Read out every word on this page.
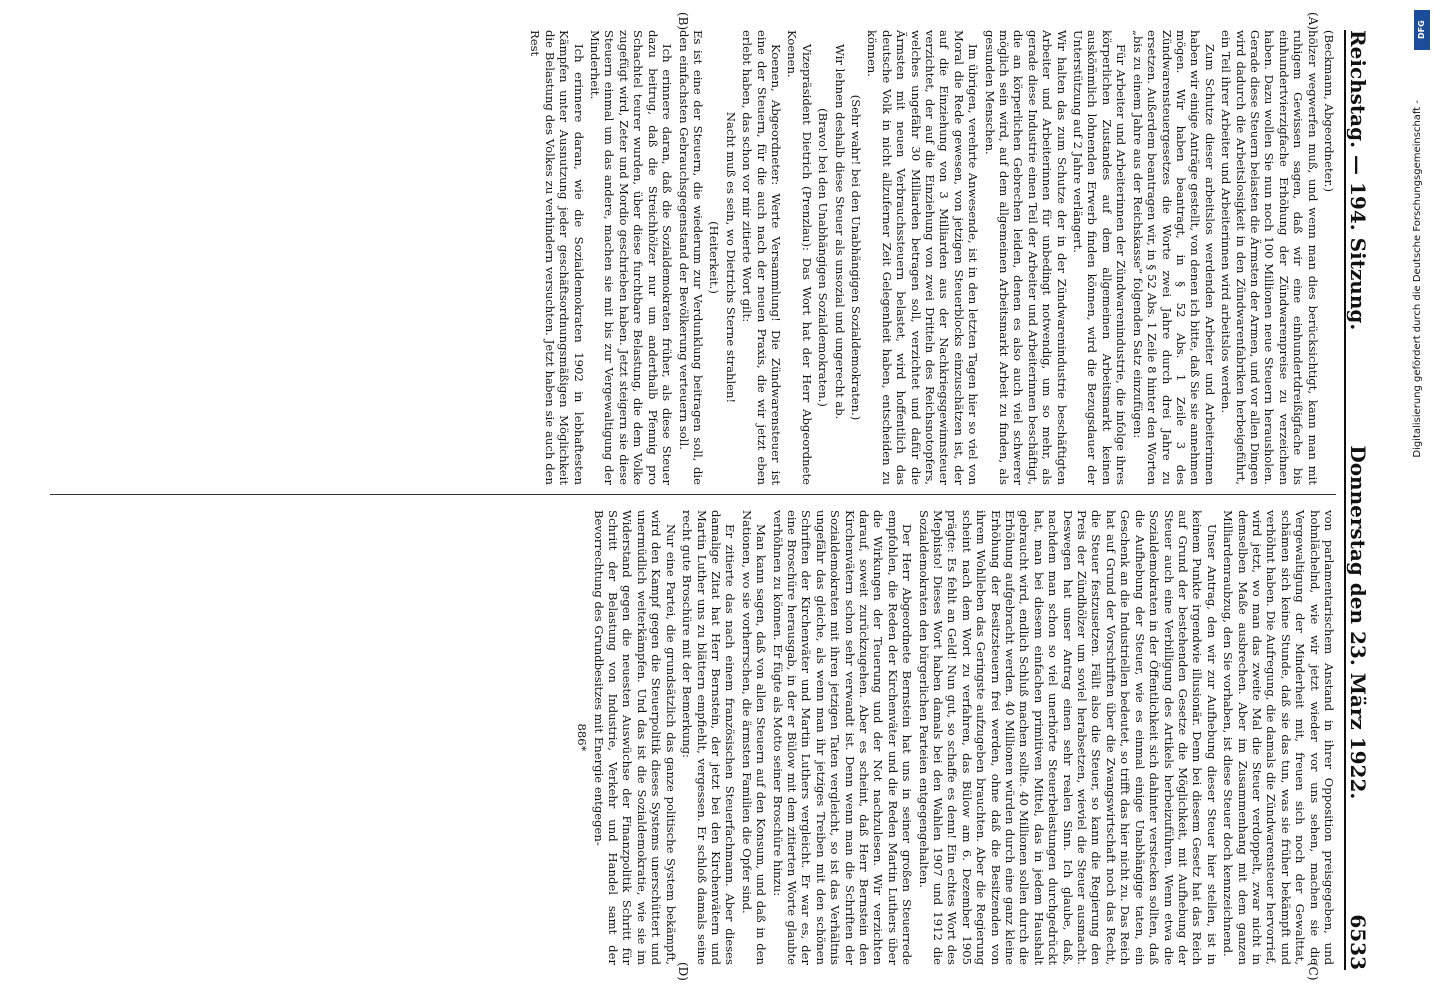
Reichstag. — 194. Sitzung.
Donnerstag den 23. März 1922.
6533

(Beckmann, Abgeordneter.)

hölzer wegwerfen muß, und wenn man dies berücksichtigt, kann man mit ruhigem Gewissen sagen, daß wir eine einhundertdreißigfache bis einhundertvierzigfache Erhöhung der Zündwarenpreise zu verzeichnen haben. Dazu wollen Sie nun noch 100 Millionen neue Steuern herausholen. Gerade diese Steuern belasten die Ärmsten der Armen, und vor allen Dingen wird dadurch die Arbeitslosigkeit in den Zündwarenfabriken herbeigeführt, ein Teil ihrer Arbeiter und Arbeiterinnen wird arbeitslos werden.

Zum Schutze dieser arbeitslos werdenden Arbeiter und Arbeiterinnen haben wir einige Anträge gestellt, von denen ich bitte, daß Sie sie annehmen mögen. Wir haben beantragt, in § 52 Abs. 1 Zeile 3 des Zündwarensteuergesetzes die Worte zwei Jahre durch drei Jahre zu ersetzen. Außerdem beantragen wir, in § 52 Abs. 1 Zeile 8 hinter den Worten „bis zu einem Jahre aus der Reichskasse“ folgenden Satz einzufügen:

Für Arbeiter und Arbeiterinnen der Zündwarenindustrie, die infolge ihres körperlichen Zustandes auf dem allgemeinen Arbeitsmarkt keinen ausköm̈mlich lohnenden Erwerb finden können, wird die Bezugsdauer der Unterstützung auf 2 Jahre verlängert.

Wir halten das zum Schutze der in der Zündwarenindustrie beschäftigten Arbeiter und Arbeiterinnen für unbedingt notwendig, um so mehr, als gerade diese Industrie einen Teil der Arbeiter und Arbeiterinnen beschäftigt, die an körperlichen Gebrechen leiden, denen es also auch viel schwerer möglich sein wird, auf dem allgemeinen Arbeitsmarkt Arbeit zu finden, als gesunden Menschen.

Im übrigen, verehrte Anwesende, ist in den letzten Tagen hier so viel von Moral die Rede gewesen, von jetzigen Steuerblocks einzuschätzen ist, der auf die Einziehung von 3 Milliarden aus der Nachkriegsgewinnsteuer verzichtet, der auf die Einziehung von zwei Dritteln des Reichsnotopfers, welches ungefähr 30 Milliarden betragen soll, verzichtet und dafür die Ärmsten mit neuen Verbrauchssteuern belastet, wird hoffentlich das deutsche Volk in nicht allzuferner Zeit Gelegenheit haben, entscheiden zu können.

(Sehr wahr! bei den Unabhängigen Sozialdemokraten.)

Wir lehnen deshalb diese Steuer als unsozial und ungerecht ab.

(Bravo! bei den Unabhängigen Sozialdemokraten.)

Vizepräsident Dietrich (Prenzlau): Das Wort hat der Herr Abgeordnete Koenen.

Koenen, Abgeordneter: Werte Versammlung! Die Zündwarensteuer ist eine der Steuern, für die auch nach der neuen Praxis, die wir jetzt eben erlebt haben, das schon vor mir zitierte Wort gilt:

Nacht muß es sein, wo Dietrichs Sterne strahlen!

(Heiterkeit.)

Es ist eine der Steuern, die wiederum zur Verdunklung beitragen soll, die den einfachsten Gebrauchsgegenstand der Bevölkerung verteuern soll.

Ich erinnere daran, daß die Sozialdemokraten früher, als diese Steuer dazu beitrug, daß die Streichhölzer nur um anderthalb Pfennig pro Schachtel teurer wurden, über diese furchtbare Belastung, die dem Volke zugefügt wird, Zeter und Mordio geschrieben haben. Jetzt steigern sie diese Steuern einmal um das andere, machen sie mit bis zur Vergewaltigung der Minderheit.

Ich erinnere daran, wie die Sozialdemokraten 1902 in lebhaftesten Kämpfen unter Ausnutzung jeder geschäftsordnungsmäßigen Möglichkeit die Belastung des Volkes zu verhindern versuchten. Jetzt haben sie auch den Rest

von parlamentarischem Anstand in ihrer Opposition preisgegeben, und hohnlächelnd, wie wir jetzt wieder vor uns sehen, machen sie die Vergewaltigung der Minderheit mit, freuen sich noch der Gewalttat, schämen sich keine Stunde, daß sie das tun, was sie früher bekämpft und verhöhnt haben. Die Aufregung, die damals die Zündwarensteuer hervorrief, wird jetzt, wo man das zweite Mal die Steuer verdoppelt, zwar nicht in demselben Maße ausbrechen. Aber im Zusammenhang mit dem ganzen Milliardenraubzug, den Sie vorhaben, ist diese Steuer doch kennzeichnend.

Unser Antrag, den wir zur Aufhebung dieser Steuer hier stellen, ist in keinem Punkte irgendwie illusionär. Denn bei diesem Gesetz hat das Reich auf Grund der bestehenden Gesetze die Möglichkeit, mit Aufhebung der Steuer auch eine Verbilligung des Artikels herbeizuführen. Wenn etwa die Sozialdemokraten in der Öffentlichkeit sich dahinter verstecken sollten, daß die Aufhebung der Steuer, wie es einmal einige Unabhängige taten, ein Geschenk an die Industriellen bedeutet, so trifft das hier nicht zu. Das Reich hat auf Grund der Vorschriften über die Zwangswirtschaft noch das Recht, die Steuer festzusetzen. Fällt also die Steuer, so kann die Regierung den Preis der Zündhölzer um soviel herabsetzen, wieviel die Steuer ausmacht. Deswegen hat unser Antrag einen sehr realen Sinn. Ich glaube, daß, nachdem man schon so viel unerhörte Steuerbelastungen durchgedrückt hat, man bei diesem einfachen primitiven Mittel, das in jedem Haushalt gebraucht wird, endlich Schluß machen sollte. 40 Millionen sollen durch die Erhöhung aufgebracht werden. 40 Millionen würden durch eine ganz kleine Erhöhung der Besitzsteuern frei werden, ohne daß die Besitzenden von ihrem Wohlleben das Geringste aufzugeben brauchten. Aber die Regierung scheint nach dem Wort zu verfahren, das Bülow am 6. Dezember 1905 prägte: Es fehlt an Geld! Nun gut, so schaffe es denn! Ein echtes Wort des Mephisto! Dieses Wort haben damals bei den Wahlen 1907 und 1912 die Sozialdemokraten den bürgerlichen Parteien entgegengehalten.

Der Herr Abgeordnete Bernstein hat uns in seiner großen Steuerrede empfohlen, die Reden der Kirchenväter und die Reden Martin Luthers über die Wirkungen der Teuerung und der Not nachzulesen. Wir verzichten darauf, soweit zurückzugehen. Aber es scheint, daß Herr Bernstein den Kirchenvätern schon sehr verwandt ist. Denn wenn man die Schriften der Sozialdemokraten mit ihren jetzigen Taten vergleicht, so ist das Verhältnis ungefähr das gleiche, als wenn man ihr jetziges Treiben mit den schönen Schriften der Kirchenväter und Martin Luthers vergleicht. Er war es, der eine Broschüre herausgab, in der er Bülow mit dem zitierten Worte glaubte verhöhnen zu können. Er fügte als Motto seiner Broschüre hinzu:

Man kann sagen, daß von allen Steuern auf den Konsum, und daß in den Nationen, wo sie vorherrschen, die ärmsten Familien die Opfer sind.

Er zitierte das nach einem französischen Steuerfachmann. Aber dieses damalige Zitat hat Herr Bernstein, der jetzt bei den Kirchenvätern und Martin Luther uns zu blättern empfiehlt, vergessen. Er schloß damals seine recht gute Broschüre mit der Bemerkung:

Nur eine Partei, die grundsätzlich das ganze politische System bekämpft, wird den Kampf gegen die Steuerpolitik dieses Systems unerschüttert und unermüdlich weiterkämpfen. Und das ist die Sozialdemokratie, wie sie im Widerstand gegen die neuesten Auswüchse der Finanzpolitik Schritt für Schritt der Belastung von Industrie, Verkehr und Handel samt der Bevorrechtung des Grundbesitzes mit Energie entgegen-

886*

(A)
(B)
(C)
(D)
DFG
Digitalisierung gefördert durch die Deutsche Forschungsgemeinschaft -
